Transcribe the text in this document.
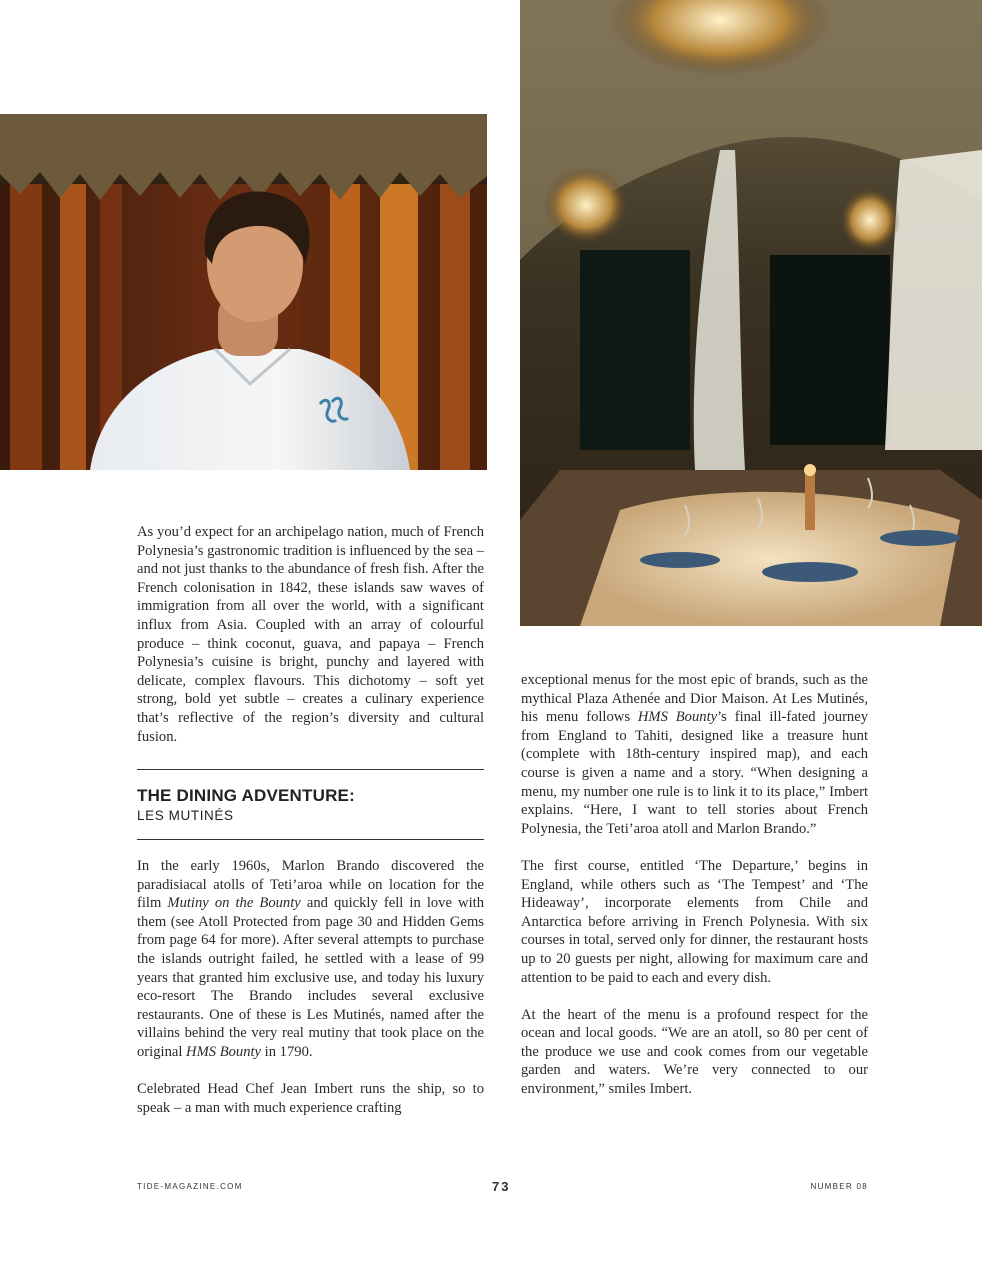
As you’d expect for an archipelago nation, much of French Polynesia’s gastronomic tradition is influenced by the sea – and not just thanks to the abundance of fresh fish. After the French colonisation in 1842, these islands saw waves of immigration from all over the world, with a significant influx from Asia. Coupled with an array of colourful produce – think coconut, guava, and papaya – French Polynesia’s cuisine is bright, punchy and layered with delicate, complex flavours. This dichotomy – soft yet strong, bold yet subtle – creates a culinary experience that’s reflective of the region’s diversity and cultural fusion.

THE DINING ADVENTURE:
LES MUTINÉS

In the early 1960s, Marlon Brando discovered the paradisiacal atolls of Teti’aroa while on location for the film Mutiny on the Bounty and quickly fell in love with them (see Atoll Protected from page 30 and Hidden Gems from page 64 for more). After several attempts to purchase the islands outright failed, he settled with a lease of 99 years that granted him exclusive use, and today his luxury eco-resort The Brando includes several exclusive restaurants. One of these is Les Mutinés, named after the villains behind the very real mutiny that took place on the original HMS Bounty in 1790.

Celebrated Head Chef Jean Imbert runs the ship, so to speak – a man with much experience crafting

exceptional menus for the most epic of brands, such as the mythical Plaza Athenée and Dior Maison. At Les Mutinés, his menu follows HMS Bounty’s final ill-fated journey from England to Tahiti, designed like a treasure hunt (complete with 18th-century inspired map), and each course is given a name and a story. “When designing a menu, my number one rule is to link it to its place,” Imbert explains. “Here, I want to tell stories about French Polynesia, the Teti’aroa atoll and Marlon Brando.”

The first course, entitled ‘The Departure,’ begins in England, while others such as ‘The Tempest’ and ‘The Hideaway’, incorporate elements from Chile and Antarctica before arriving in French Polynesia. With six courses in total, served only for dinner, the restaurant hosts up to 20 guests per night, allowing for maximum care and attention to be paid to each and every dish.

At the heart of the menu is a profound respect for the ocean and local goods. “We are an atoll, so 80 per cent of the produce we use and cook comes from our vegetable garden and waters. We’re very connected to our environment,” smiles Imbert.

TIDE-MAGAZINE.COM	73	NUMBER 08
